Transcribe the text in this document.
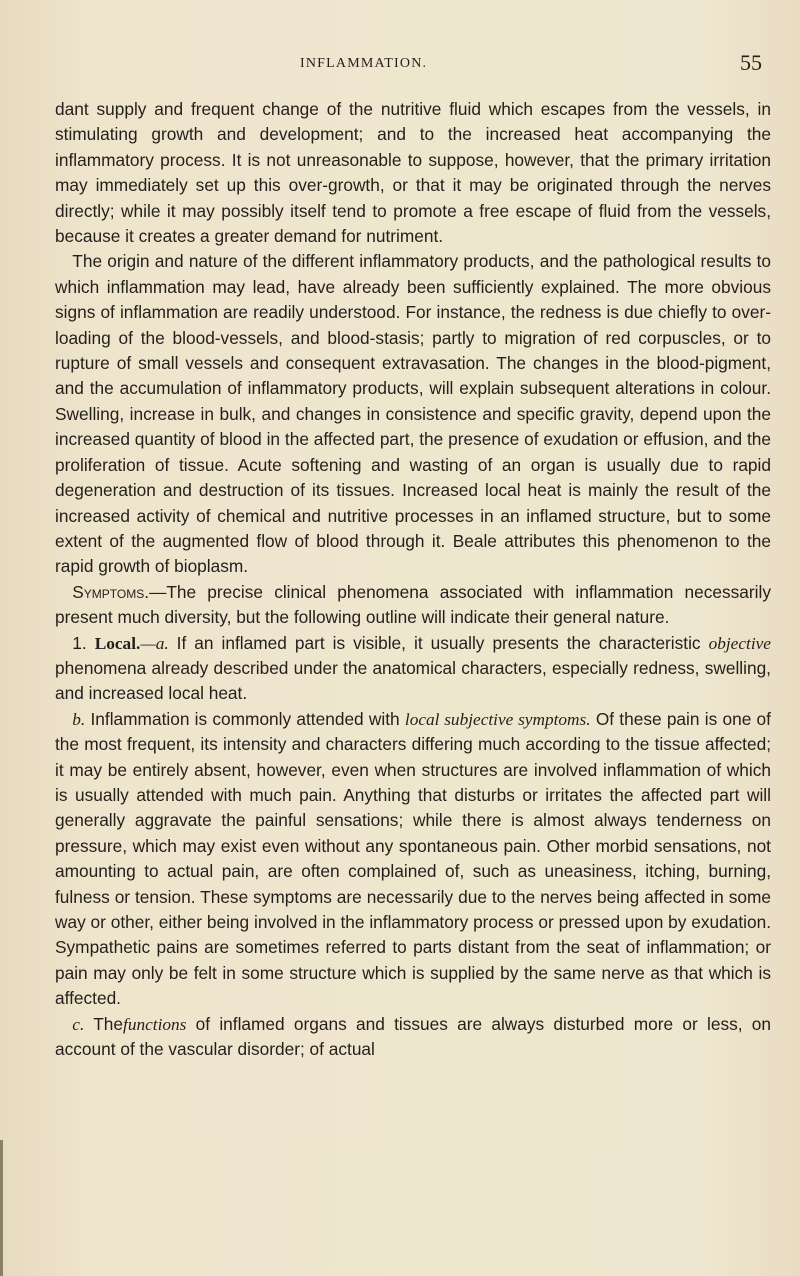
INFLAMMATION.	55

dant supply and frequent change of the nutritive fluid which escapes from the vessels, in stimulating growth and development; and to the increased heat accompanying the inflammatory process. It is not unreasonable to suppose, however, that the primary irritation may immediately set up this over-growth, or that it may be originated through the nerves directly; while it may possibly itself tend to promote a free escape of fluid from the vessels, because it creates a greater demand for nutriment.

 The origin and nature of the different inflammatory products, and the pathological results to which inflammation may lead, have already been sufficiently explained. The more obvious signs of inflammation are readily understood. For instance, the redness is due chiefly to over-loading of the blood-vessels, and blood-stasis; partly to migration of red corpuscles, or to rupture of small vessels and consequent extravasation. The changes in the blood-pigment, and the accumulation of inflammatory products, will explain subsequent alterations in colour. Swelling, increase in bulk, and changes in consistence and specific gravity, depend upon the increased quantity of blood in the affected part, the presence of exudation or effusion, and the proliferation of tissue. Acute softening and wasting of an organ is usually due to rapid degeneration and destruction of its tissues. Increased local heat is mainly the result of the increased activity of chemical and nutritive processes in an inflamed structure, but to some extent of the augmented flow of blood through it. Beale attributes this phenomenon to the rapid growth of bioplasm.

 Symptoms.—The precise clinical phenomena associated with inflammation necessarily present much diversity, but the following outline will indicate their general nature.

 1. Local.—a. If an inflamed part is visible, it usually presents the characteristic objective phenomena already described under the anatomical characters, especially redness, swelling, and increased local heat.

 b. Inflammation is commonly attended with local subjective symptoms. Of these pain is one of the most frequent, its intensity and characters differing much according to the tissue affected; it may be entirely absent, however, even when structures are involved inflammation of which is usually attended with much pain. Anything that disturbs or irritates the affected part will generally aggravate the painful sensations; while there is almost always tenderness on pressure, which may exist even without any spontaneous pain. Other morbid sensations, not amounting to actual pain, are often complained of, such as uneasiness, itching, burning, fulness or tension. These symptoms are necessarily due to the nerves being affected in some way or other, either being involved in the inflammatory process or pressed upon by exudation. Sympathetic pains are sometimes referred to parts distant from the seat of inflammation; or pain may only be felt in some structure which is supplied by the same nerve as that which is affected.

 c. Thefunctions of inflamed organs and tissues are always disturbed more or less, on account of the vascular disorder; of actual
